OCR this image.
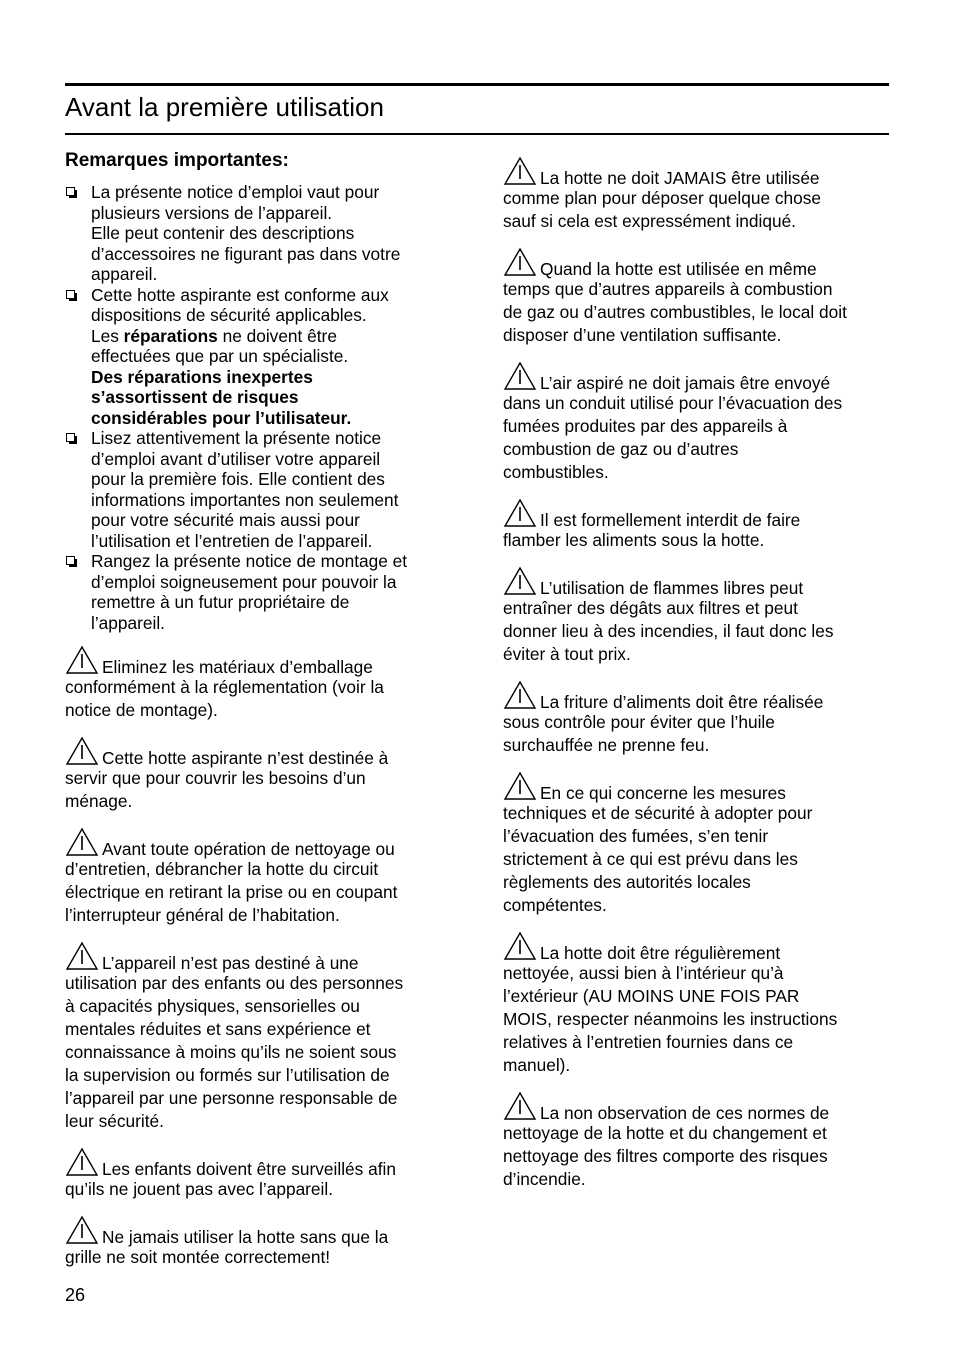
Avant la première utilisation
Remarques importantes:
La présente notice d’emploi vaut pour
plusieurs versions de l’appareil.
Elle peut contenir des descriptions
d’accessoires ne figurant pas dans votre
appareil.
Cette hotte aspirante est conforme aux
dispositions de sécurité applicables.
Les réparations ne doivent être
effectuées que par un spécialiste.
Des réparations inexpertes
s’assortissent de risques
considérables pour l’utilisateur.
Lisez attentivement la présente notice
d’emploi avant d’utiliser votre appareil
pour la première fois. Elle contient des
informations importantes non seulement
pour votre sécurité mais aussi pour
l’utilisation et l’entretien de l’appareil.
Rangez la présente notice de montage et
d’emploi soigneusement pour pouvoir la
remettre à un futur propriétaire de
l’appareil.
Eliminez les matériaux d’emballage
conformément à la réglementation (voir la
notice de montage).
Cette hotte aspirante n’est destinée à
servir que pour couvrir les besoins d’un
ménage.
Avant toute opération de nettoyage ou
d’entretien, débrancher la hotte du circuit
électrique en retirant la prise ou en coupant
l’interrupteur général de l’habitation.
L’appareil n’est pas destiné à une
utilisation par des enfants ou des personnes
à capacités physiques, sensorielles ou
mentales réduites et sans expérience et
connaissance à moins qu’ils ne soient sous
la supervision ou formés sur l’utilisation de
l’appareil par une personne responsable de
leur sécurité.
Les enfants doivent être surveillés afin
qu’ils ne jouent pas avec l’appareil.
Ne jamais utiliser la hotte sans que la
grille ne soit montée correctement!
La hotte ne doit JAMAIS être utilisée
comme plan pour déposer quelque chose
sauf si cela est expressément indiqué.
Quand la hotte est utilisée en même
temps que d’autres appareils à combustion
de gaz ou d’autres combustibles, le local doit
disposer d’une ventilation suffisante.
L’air aspiré ne doit jamais être envoyé
dans un conduit utilisé pour l’évacuation des
fumées produites par des appareils à
combustion de gaz ou d’autres
combustibles.
Il est formellement interdit de faire
flamber les aliments sous la hotte.
L’utilisation de flammes libres peut
entraîner des dégâts aux filtres et peut
donner lieu à des incendies, il faut donc les
éviter à tout prix.
La friture d’aliments doit être réalisée
sous contrôle pour éviter que l’huile
surchauffée ne prenne feu.
En ce qui concerne les mesures
techniques et de sécurité à adopter pour
l’évacuation des fumées, s’en tenir
strictement à ce qui est prévu dans les
règlements des autorités locales
compétentes.
La hotte doit être régulièrement
nettoyée, aussi bien à l’intérieur qu’à
l’extérieur (AU MOINS UNE FOIS PAR
MOIS, respecter néanmoins les instructions
relatives à l’entretien fournies dans ce
manuel).
La non observation de ces normes de
nettoyage de la hotte et du changement et
nettoyage des filtres comporte des risques
d’incendie.
26
